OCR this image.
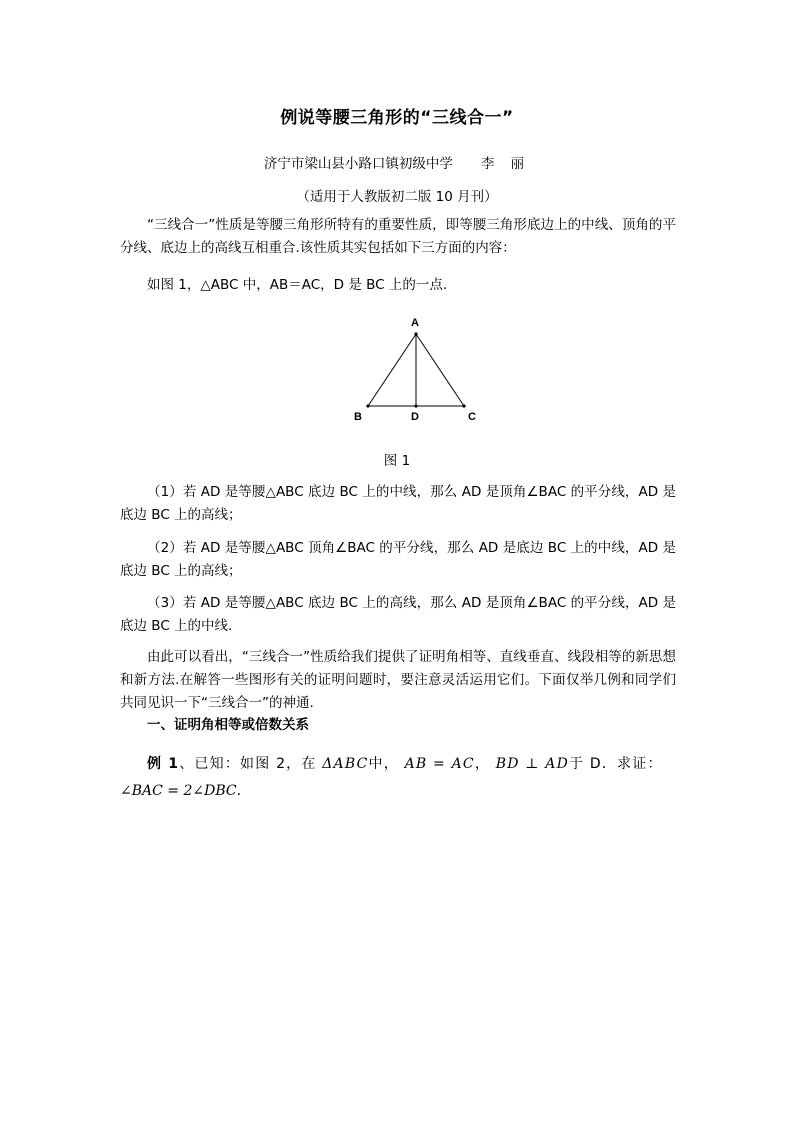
例说等腰三角形的“三线合一”
济宁市梁山县小路口镇初级中学 李 丽
（适用于人教版初二版 10 月刊）

“三线合一”性质是等腰三角形所特有的重要性质，即等腰三角形底边上的中线、顶角的平分线、底边上的高线互相重合.该性质其实包括如下三方面的内容：

如图 1，△ABC 中，AB＝AC，D 是 BC 上的一点.

A
B	D	C
图 1

（1）若 AD 是等腰△ABC 底边 BC 上的中线，那么 AD 是顶角∠BAC 的平分线，AD 是底边 BC 上的高线；

（2）若 AD 是等腰△ABC 顶角∠BAC 的平分线，那么 AD 是底边 BC 上的中线，AD 是底边 BC 上的高线；

（3）若 AD 是等腰△ABC 底边 BC 上的高线，那么 AD 是顶角∠BAC 的平分线，AD 是底边 BC 上的中线.

由此可以看出，“三线合一”性质给我们提供了证明角相等、直线垂直、线段相等的新思想和新方法.在解答一些图形有关的证明问题时，要注意灵活运用它们。下面仅举几例和同学们共同见识一下“三线合一”的神通.

一、证明角相等或倍数关系
例 1、已知：如图 2，在 ΔABC中， AB = AC， BD ⊥ AD于 D．求证：
∠BAC = 2∠DBC．
